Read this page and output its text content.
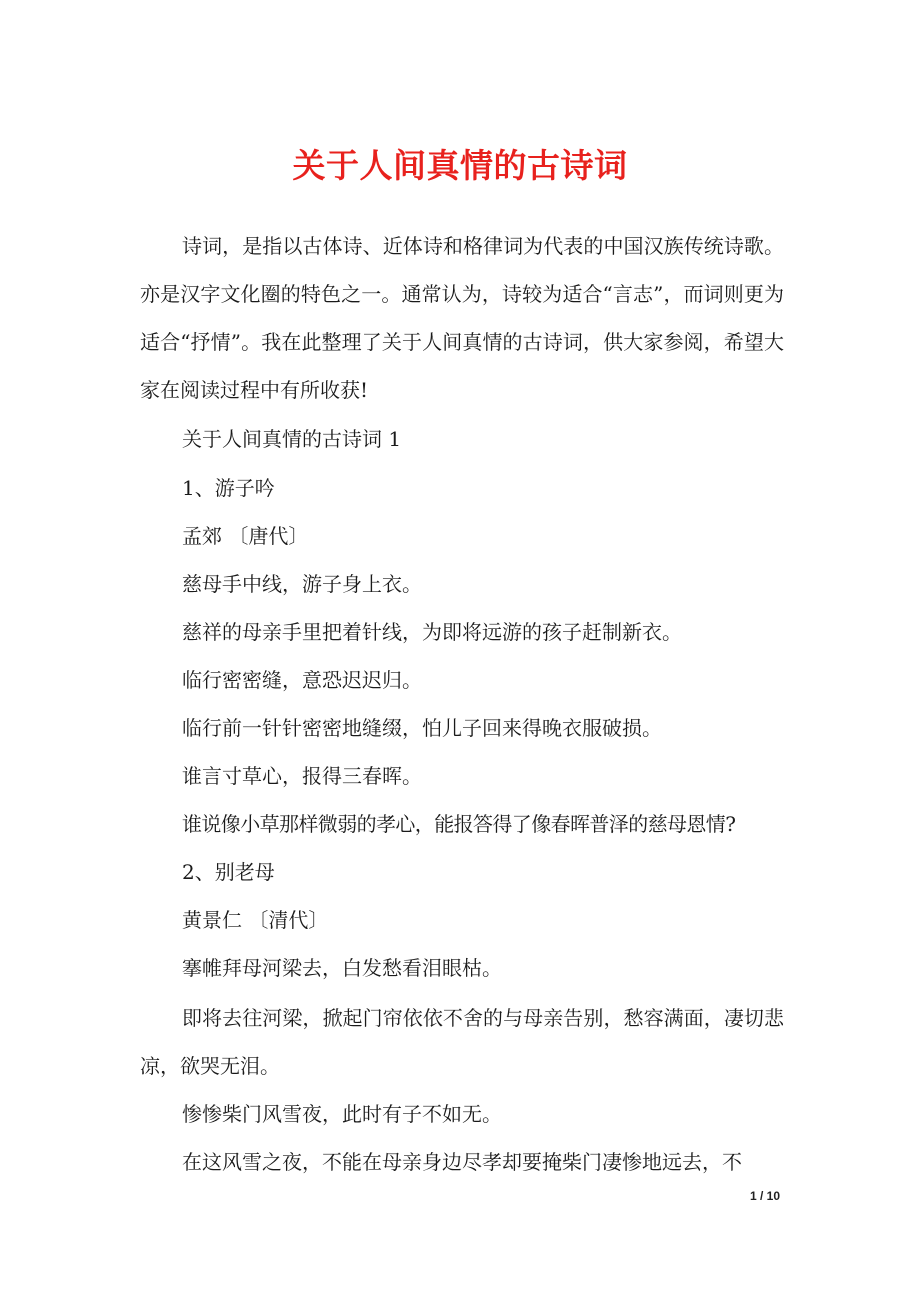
关于人间真情的古诗词

诗词，是指以古体诗、近体诗和格律词为代表的中国汉族传统诗歌。亦是汉字文化圈的特色之一。通常认为，诗较为适合“言志”，而词则更为适合“抒情”。我在此整理了关于人间真情的古诗词，供大家参阅，希望大家在阅读过程中有所收获!

关于人间真情的古诗词 1

1、游子吟

孟郊 〔唐代〕

慈母手中线，游子身上衣。

慈祥的母亲手里把着针线，为即将远游的孩子赶制新衣。

临行密密缝，意恐迟迟归。

临行前一针针密密地缝缀，怕儿子回来得晚衣服破损。

谁言寸草心，报得三春晖。

谁说像小草那样微弱的孝心，能报答得了像春晖普泽的慈母恩情?

2、别老母

黄景仁 〔清代〕

搴帷拜母河梁去，白发愁看泪眼枯。

即将去往河梁，掀起门帘依依不舍的与母亲告别，愁容满面，凄切悲凉，欲哭无泪。

惨惨柴门风雪夜，此时有子不如无。

在这风雪之夜，不能在母亲身边尽孝却要掩柴门凄惨地远去，不

1 / 10
